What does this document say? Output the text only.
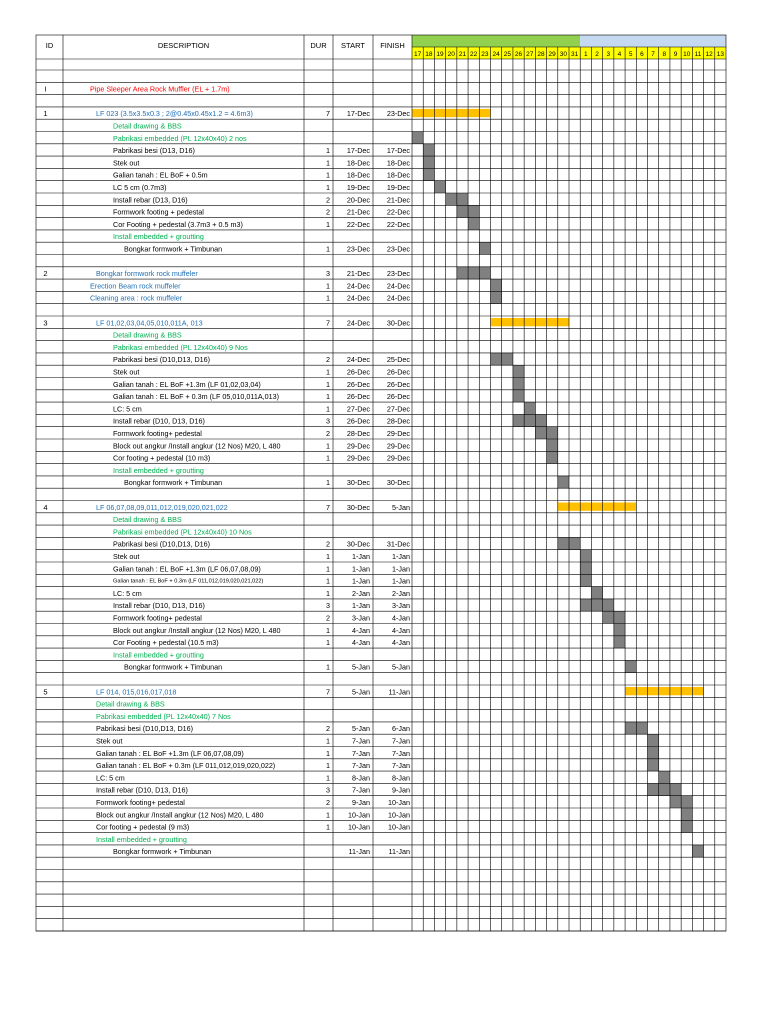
17 18 19 20 21 22 23 24 25 26 27 28 29 30 31 1 2 3 4 5 6 7 8 9 10 11 12 13
ID	DESCRIPTION	DUR START FINISH
I	Pipe Sleeper Area Rock Muffler (EL + 1.7m)
1	LF 023 (3.5x3.5x0.3 ; 2@0.45x0.45x1.2 = 4.6m3)	7 17-Dec 23-Dec
Detail drawing & BBS
Pabrikasi embedded (PL 12x40x40) 2 nos
Pabrikasi besi (D13, D16)	1 17-Dec 17-Dec
Stek out	1 18-Dec 18-Dec
Galian tanah : EL BoF + 0.5m	1 18-Dec 18-Dec
LC 5 cm (0.7m3)	1 19-Dec 19-Dec
Install rebar (D13, D16)	2 20-Dec 21-Dec
Formwork footing + pedestal	2 21-Dec 22-Dec
Cor Footing + pedestal (3.7m3 + 0.5 m3)	1 22-Dec 22-Dec
Install embedded + groutting
Bongkar formwork + Timbunan	1 23-Dec 23-Dec
2	Bongkar formwork rock muffeler	3 21-Dec 23-Dec
Erection Beam rock muffeler	1 24-Dec 24-Dec
Cleaning area : rock muffeler	1 24-Dec 24-Dec
3	LF 01,02,03,04,05,010,011A, 013	7 24-Dec 30-Dec
Detail drawing & BBS
Pabrikasi embedded (PL 12x40x40) 9 Nos
Pabrikasi besi (D10,D13, D16)	2 24-Dec 25-Dec
Stek out	1 26-Dec 26-Dec
Galian tanah : EL BoF +1.3m (LF 01,02,03,04)	1 26-Dec 26-Dec
Galian tanah : EL BoF + 0.3m (LF 05,010,011A,013)	1 26-Dec 26-Dec
LC: 5 cm	1 27-Dec 27-Dec
Install rebar (D10, D13, D16)	3 26-Dec 28-Dec
Formwork footing+ pedestal	2 28-Dec 29-Dec
Block out angkur /Install angkur (12 Nos) M20, L 480	1 29-Dec 29-Dec
Cor footing + pedestal (10 m3)	1 29-Dec 29-Dec
Install embedded + groutting
Bongkar formwork + Timbunan	1 30-Dec 30-Dec
4	LF 06,07,08,09,011,012,019,020,021,022	7 30-Dec	5-Jan
Detail drawing & BBS
Pabrikasi embedded (PL 12x40x40) 10 Nos
Pabrikasi besi (D10,D13, D16)	2 30-Dec 31-Dec
Stek out	1	1-Jan	1-Jan
Galian tanah : EL BoF +1.3m (LF 06,07,08,09)	1	1-Jan	1-Jan
Galian tanah : EL BoF + 0.3m (LF 011,012,019,020,021,022)	1	1-Jan	1-Jan
LC: 5 cm	1	2-Jan	2-Jan
Install rebar (D10, D13, D16)	3	1-Jan	3-Jan
Formwork footing+ pedestal	2	3-Jan	4-Jan
Block out angkur /Install angkur (12 Nos) M20, L 480	1	4-Jan	4-Jan
Cor Footing + pedestal (10.5 m3)	1	4-Jan	4-Jan
Install embedded + groutting
Bongkar formwork + Timbunan	1	5-Jan	5-Jan
5	LF 014, 015,016,017,018	7	5-Jan	11-Jan
Detail drawing & BBS
Pabrikasi embedded (PL 12x40x40) 7 Nos
Pabrikasi besi (D10,D13, D16)	2	5-Jan	6-Jan
Stek out	1	7-Jan	7-Jan
Galian tanah : EL BoF +1.3m (LF 06,07,08,09)	1	7-Jan	7-Jan
Galian tanah : EL BoF + 0.3m (LF 011,012,019,020,022)	1	7-Jan	7-Jan
LC: 5 cm	1	8-Jan	8-Jan
Install rebar (D10, D13, D16)	3	7-Jan	9-Jan
Formwork footing+ pedestal	2	9-Jan	10-Jan
Block out angkur /Install angkur (12 Nos) M20, L 480	1	10-Jan	10-Jan
Cor footing + pedestal (9 m3)	1	10-Jan	10-Jan
Install embedded + groutting
Bongkar formwork + Timbunan	11-Jan	11-Jan
